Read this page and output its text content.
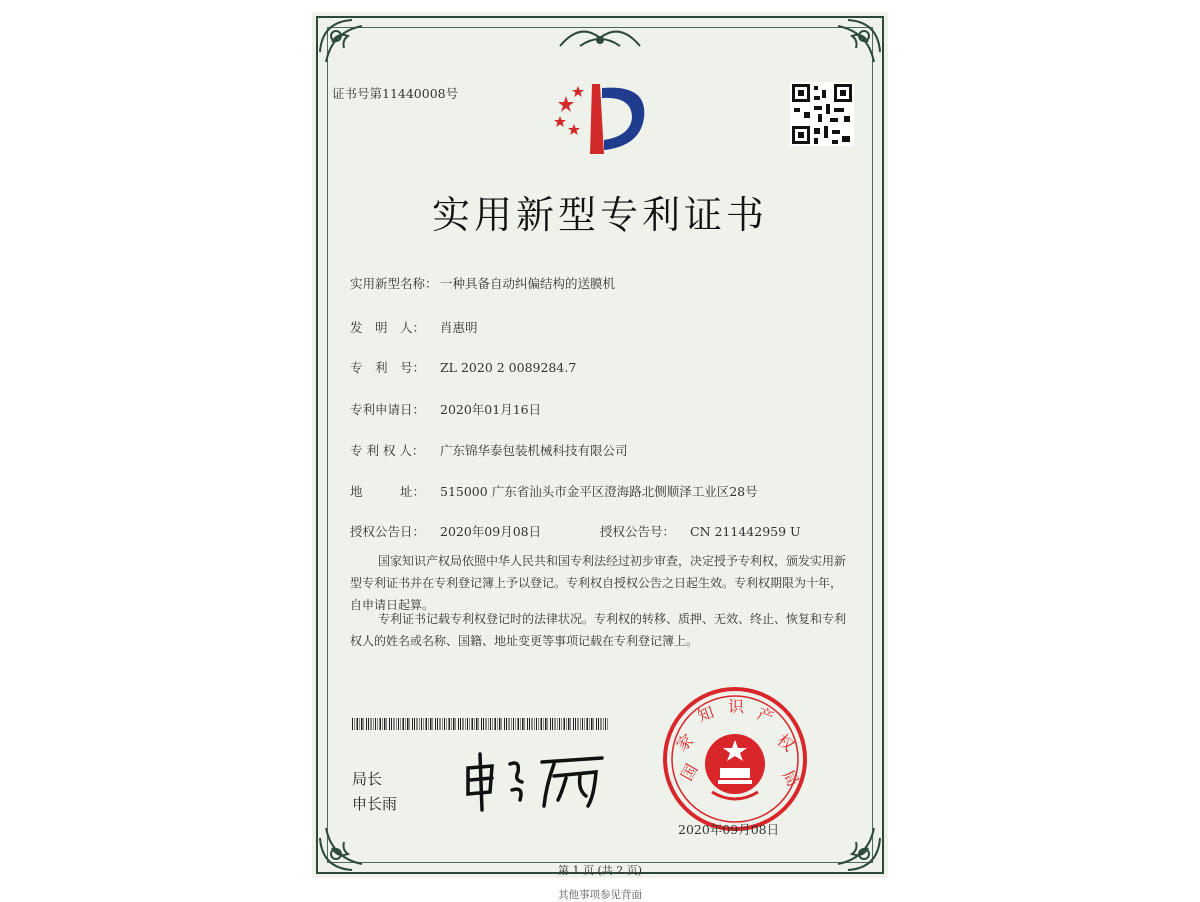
证书号第11440008号
实用新型专利证书
实用新型名称： 一种具备自动纠偏结构的送膜机
发　明　人： 肖惠明
专　利　号： ZL 2020 2 0089284.7
专利申请日： 2020年01月16日
专 利 权 人： 广东锦华泰包装机械科技有限公司
地　　　址： 515000 广东省汕头市金平区澄海路北侧顺泽工业区28号
授权公告日： 2020年09月08日	授权公告号： CN 211442959 U
国家知识产权局依照中华人民共和国专利法经过初步审查，决定授予专利权，颁发实用新型专利证书并在专利登记簿上予以登记。专利权自授权公告之日起生效。专利权期限为十年，自申请日起算。
专利证书记载专利权登记时的法律状况。专利权的转移、质押、无效、终止、恢复和专利权人的姓名或名称、国籍、地址变更等事项记载在专利登记簿上。
局长
申长雨
国
家
知 识 产
权
局
2020年09月08日
第 1 页 (共 2 页)
其他事项参见背面
